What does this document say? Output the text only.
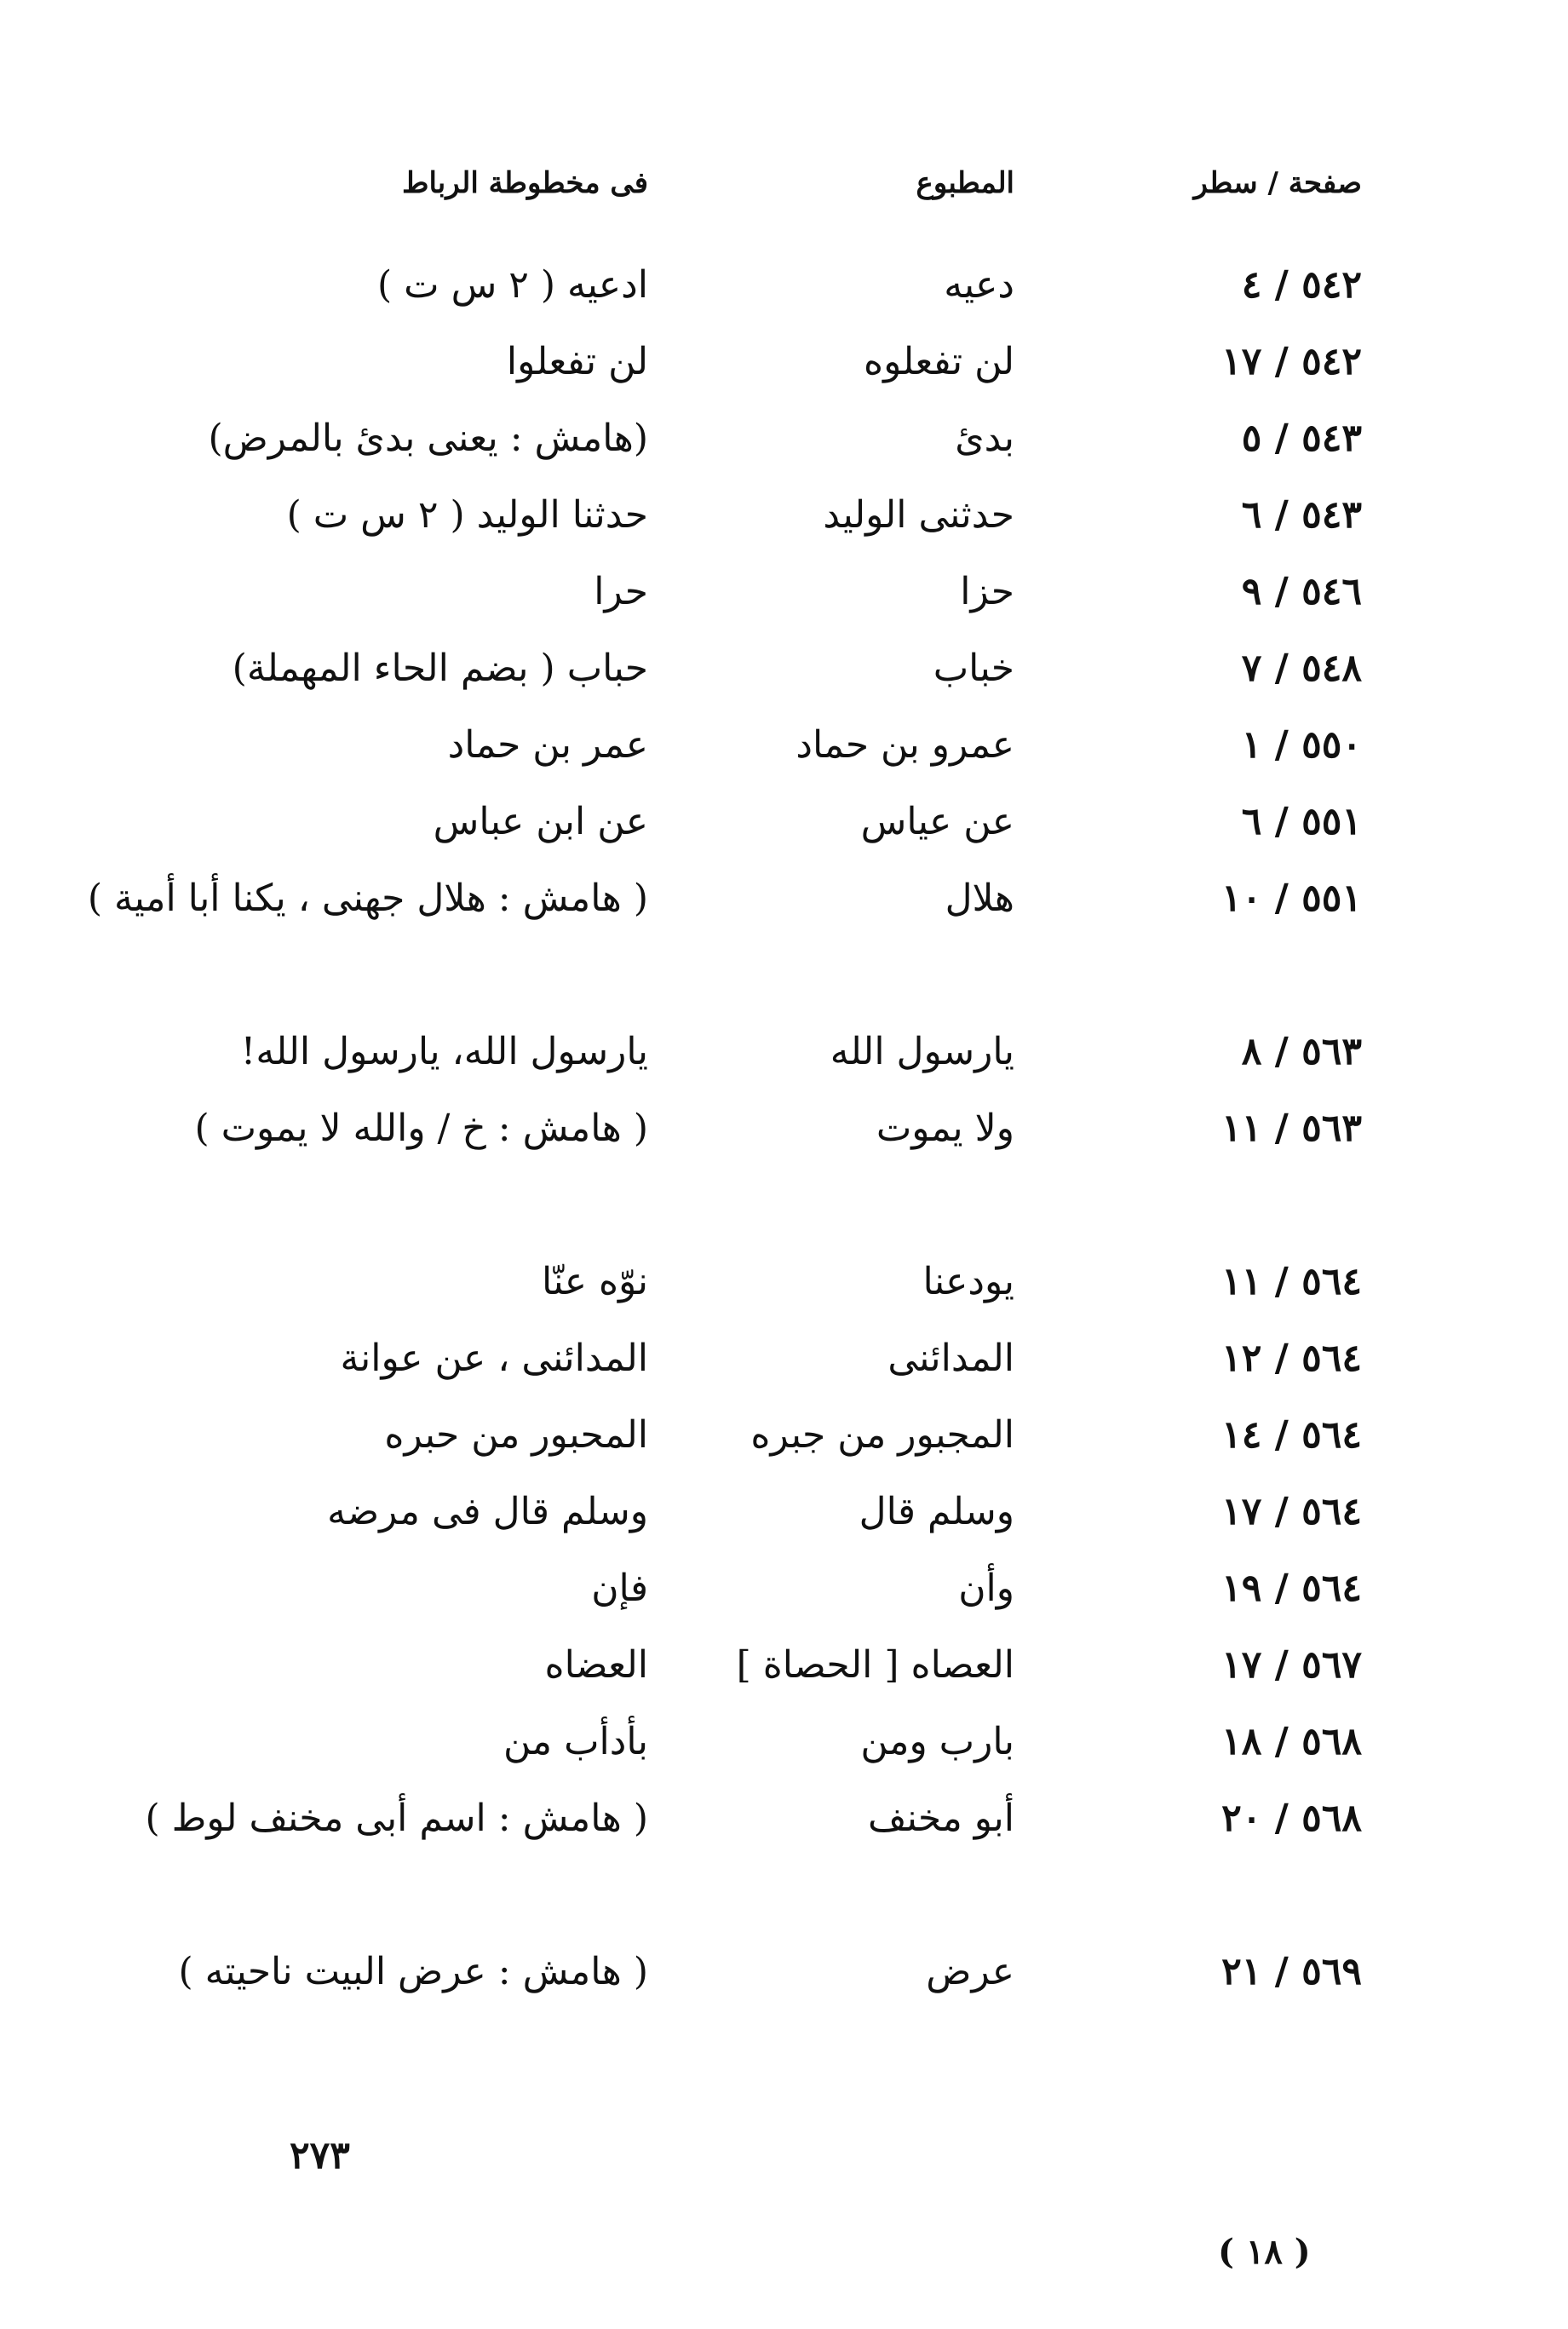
صفحة / سطر
المطبوع
فى مخطوطة الرباط
٥٤٢ / ٤
دعيه
ادعيه ( ٢ س ت )
٥٤٢ / ١٧
لن تفعلوه
لن تفعلوا
٥٤٣ / ٥
بدئ
(هامش : يعنى بدئ بالمرض)
٥٤٣ / ٦
حدثنى الوليد
حدثنا الوليد ( ٢ س ت )
٥٤٦ / ٩
حزا
حرا
٥٤٨ / ٧
خباب
حباب ( بضم الحاء المهملة)
٥٥٠ / ١
عمرو بن حماد
عمر بن حماد
٥٥١ / ٦
عن عياس
عن ابن عباس
٥٥١ / ١٠
هلال
( هامش : هلال جهنى ، يكنا أبا أمية )
٥٦٣ / ٨
يارسول الله
يارسول الله، يارسول الله!
٥٦٣ / ١١
ولا يموت
( هامش : خ / والله لا يموت )
٥٦٤ / ١١
يودعنا
نوّه عنّا
٥٦٤ / ١٢
المدائنى
المدائنى ، عن عوانة
٥٦٤ / ١٤
المجبور من جبره
المحبور من حبره
٥٦٤ / ١٧
وسلم قال
وسلم قال فى مرضه
٥٦٤ / ١٩
وأن
فإن
٥٦٧ / ١٧
العصاه [ الحصاة ]
العضاه
٥٦٨ / ١٨
بارب ومن
بأدأب من
٥٦٨ / ٢٠
أبو مخنف
( هامش : اسم أبى مخنف لوط )
٥٦٩ / ٢١
عرض
( هامش : عرض البيت ناحيته )
٢٧٣
( ١٨ )
